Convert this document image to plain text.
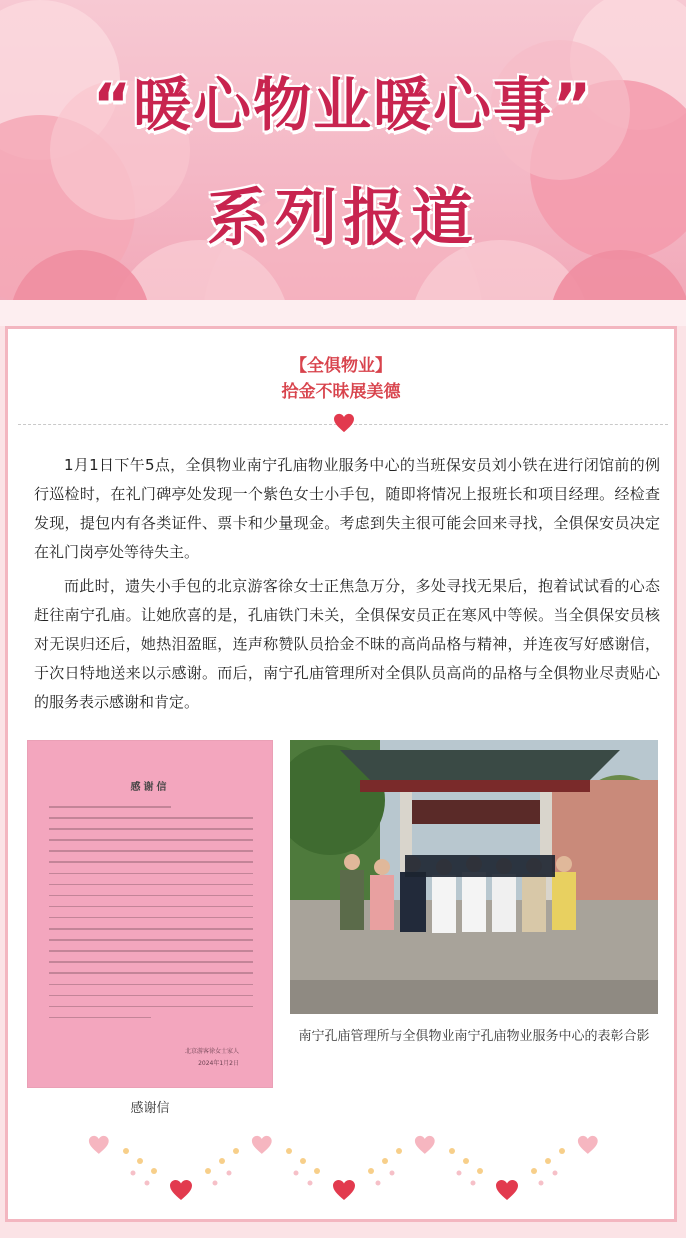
“暖心物业暖心事”
系列报道
【全俱物业】
拾金不昧展美德

1月1日下午5点，全俱物业南宁孔庙物业服务中心的当班保安员刘小铁在进行闭馆前的例行巡检时，在礼门碑亭处发现一个紫色女士小手包，随即将情况上报班长和项目经理。经检查发现，提包内有各类证件、票卡和少量现金。考虑到失主很可能会回来寻找，全俱保安员决定在礼门岗亭处等待失主。

而此时，遗失小手包的北京游客徐女士正焦急万分，多处寻找无果后，抱着试试看的心态赶往南宁孔庙。让她欣喜的是，孔庙铁门未关，全俱保安员正在寒风中等候。当全俱保安员核对无误归还后，她热泪盈眶，连声称赞队员拾金不昧的高尚品格与精神，并连夜写好感谢信，于次日特地送来以示感谢。而后，南宁孔庙管理所对全俱队员高尚的品格与全俱物业尽责贴心的服务表示感谢和肯定。

感谢信
北京游客徐女士家人
2024年1月2日
感谢信
南宁孔庙管理所与全俱物业南宁孔庙物业服务中心的表彰合影
